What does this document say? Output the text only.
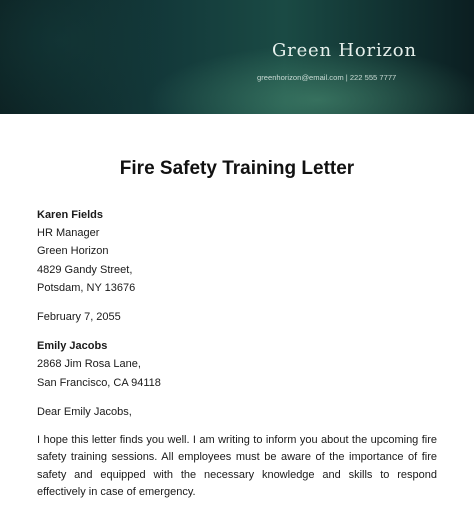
Green Horizon
greenhorizon@email.com | 222 555 7777
Fire Safety Training Letter
Karen Fields
HR Manager
Green Horizon
4829 Gandy Street,
Potsdam, NY 13676
February 7, 2055
Emily Jacobs
2868 Jim Rosa Lane,
San Francisco, CA 94118
Dear Emily Jacobs,
I hope this letter finds you well. I am writing to inform you about the upcoming fire safety training sessions. All employees must be aware of the importance of fire safety and equipped with the necessary knowledge and skills to respond effectively in case of emergency.
